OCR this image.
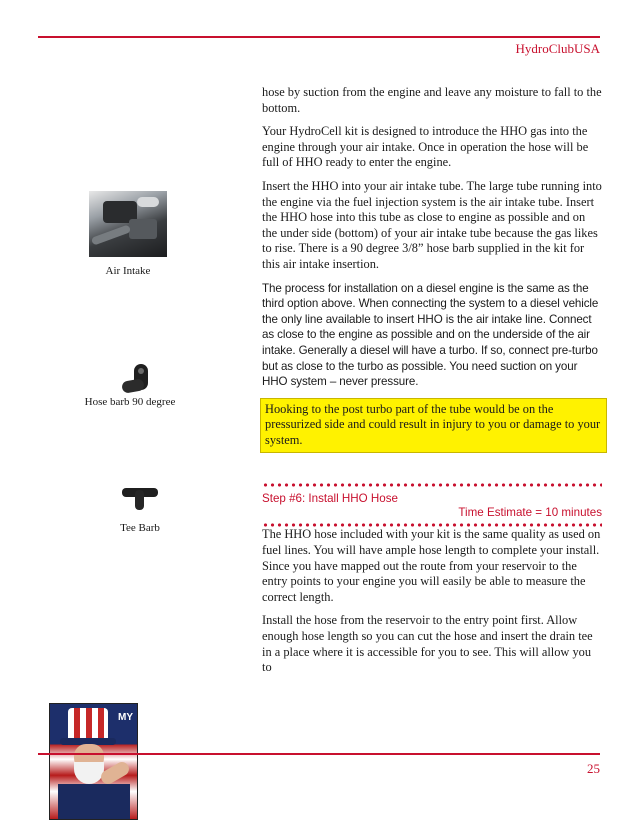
HydroClubUSA
Air Intake
Hose barb 90 degree
Tee Barb

hose by suction from the engine and leave any moisture to fall to the bottom.

Your HydroCell kit is designed to introduce the HHO gas into the engine through your air intake. Once in operation the hose will be full of HHO ready to enter the engine.

Insert the HHO into your air intake tube. The large tube running into the engine via the fuel injection system is the air intake tube. Insert the HHO hose into this tube as close to engine as possible and on the under side (bottom) of your air intake tube because the gas likes to rise. There is a 90 degree 3/8” hose barb supplied in the kit for this air intake insertion.

The process for installation on a diesel engine is the same as the third option above. When connecting the system to a diesel vehicle the only line available to insert HHO is the air intake line. Connect as close to the engine as possible and on the underside of the air intake. Generally a diesel will have a turbo. If so, connect pre-turbo but as close to the turbo as possible. You need suction on your HHO system – never pressure.

Hooking to the post turbo part of the tube would be on the pressurized side and could result in injury to you or damage to your system.
Step #6: Install HHO Hose
Time Estimate = 10 minutes

The HHO hose included with your kit is the same quality as used on fuel lines. You will have ample hose length to complete your install. Since you have mapped out the route from your reservoir to the entry points to your engine you will easily be able to measure the correct length.

Install the hose from the reservoir to the entry point first. Allow enough hose length so you can cut the hose and insert the drain tee in a place where it is accessible for you to see. This will allow you to

MY
25
